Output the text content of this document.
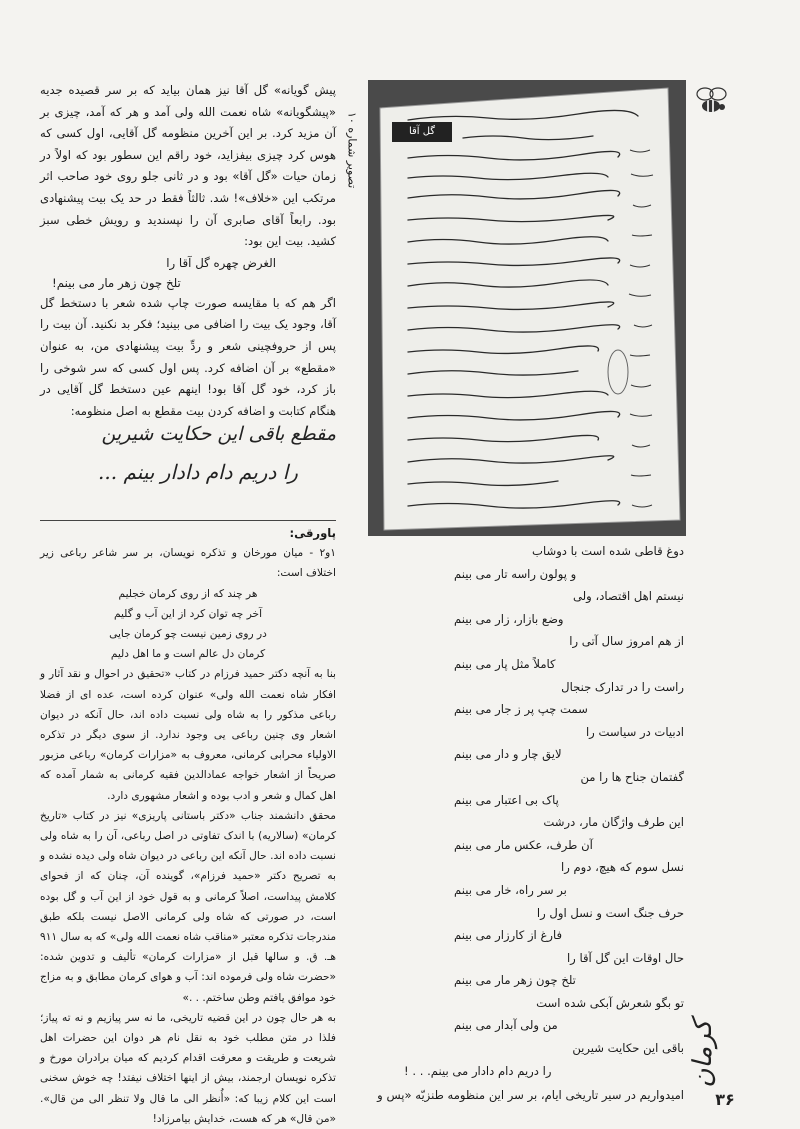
گل آقا
تصویر شماره ۱۰

پیش گویانه» گل آقا نیز همان بیاید که بر سر قصیده جدیه «پیشگویانه» شاه نعمت الله ولی آمد و هر که آمد، چیزی بر آن مزید کرد. بر این آخرین منظومه گل آقایی، اول کسی که هوس کرد چیزی بیفزاید، خود راقم این سطور بود که اولاً در زمان حیات «گل آقا» بود و در ثانی جلو روی خود صاحب اثر مرتکب این «خلاف»! شد. ثالثاً فقط در حد یک بیت پیشنهادی بود. رابعاً آقای صابری آن را نپسندید و رویش خطی سبز کشید. بیت این بود:

الغرض چهره گل آقا را

تلخ چون زهر مار می بینم!

اگر هم که با مقایسه صورت چاپ شده شعر با دستخط گل آقا، وجود یک بیت را اضافی می بینید؛ فکر بد نکنید. آن بیت را پس از حروفچینی شعر و ردِّ بیت پیشنهادی من، به عنوان «مقطع» بر آن اضافه کرد. پس اول کسی که سر شوخی را باز کرد، خود گل آقا بود! اینهم عین دستخط گل آقایی در هنگام کتابت و اضافه کردن بیت مقطع به اصل منظومه:

مقطع باقی این حکایت شیرین
را دریم دام دادار بینم ...

پاورقی:

۱و۲ - میان مورخان و تذکره نویسان، بر سر شاعر رباعی زیر اختلاف است:

هر چند که از روی کرمان خجلیم

آخر چه توان کرد از این آب و گلیم

در روی زمین نیست چو کرمان جایی

کرمان دل عالم است و ما اهل دلیم

بنا به آنچه دکتر حمید فرزام در کتاب «تحقیق در احوال و نقد آثار و افکار شاه نعمت الله ولی» عنوان کرده است، عده ای از فضلا رباعی مذکور را به شاه ولی نسبت داده اند، حال آنکه در دیوان اشعار وی چنین رباعی یی وجود ندارد. از سوی دیگر در تذکره الاولیاء محرابی کرمانی، معروف به «مزارات کرمان» رباعی مزبور صریحاً از اشعار خواجه عمادالدین فقیه کرمانی به شمار آمده که اهل کمال و شعر و ادب بوده و اشعار مشهوری دارد.

محقق دانشمند جناب «دکتر باستانی پاریزی» نیز در کتاب «تاریخ کرمان» (سالاریه) با اندک تفاوتی در اصل رباعی، آن را به شاه ولی نسبت داده اند. حال آنکه این رباعی در دیوان شاه ولی دیده نشده و به تصریح دکتر «حمید فرزام»، گوینده آن، چنان که از فحوای کلامش پیداست، اصلاً کرمانی و به قول خود از این آب و گل بوده است، در صورتی که شاه ولی کرمانی الاصل نیست بلکه طبق مندرجات تذکره معتبر «مناقب شاه نعمت الله ولی» که به سال ۹۱۱ هـ. ق. و سالها قبل از «مزارات کرمان» تألیف و تدوین شده: «حضرت شاه ولی فرموده اند: آب و هوای کرمان مطابق و به مزاج خود موافق یافتم وطن ساختم. . .»

به هر حال چون در این قضیه تاریخی، ما نه سر پیازیم و نه ته پیاز؛ فلذا در متن مطلب خود به نقل نام هر دوان این حضرات اهل شریعت و طریقت و معرفت اقدام کردیم که میان برادران مورخ و تذکره نویسان ارجمند، بیش از اینها اختلاف نیفتد! چه خوش سخنی است این کلام زیبا که: «أُنظر الی ما قال ولا تنظر الی من قال». «من قال» هر که هست، خدایش بیامرزاد!

دوغ قاطی شده است با دوشاب
و پولون راسه تار می بینم
نیستم اهل اقتصاد، ولی
وضع بازار، زار می بینم
از هم امروز سال آتی را
کاملاً مثل پار می بینم
راست را در تدارک جنجال
سمت چپ پر ز جار می بینم
ادبیات در سیاست را
لایق چار و دار می بینم
گفتمان جناح ها را من
پاک بی اعتبار می بینم
این طرف واژگان مار، درشت
آن طرف، عکس مار می بینم
نسل سوم که هیچ، دوم را
بر سر راه، خار می بینم
حرف جنگ است و نسل اول را
فارغ از کارزار می بینم
حال اوقات این گل آقا را
تلخ چون زهر مار می بینم
تو بگو شعرش آبکی شده است
من ولی آبدار می بینم
باقی این حکایت شیرین
را دریم دام دادار می بینم. . . !
امیدواریم در سیر تاریخی ایام، بر سر این منظومه طنزیّه «پس و
کرمان
۳۶
